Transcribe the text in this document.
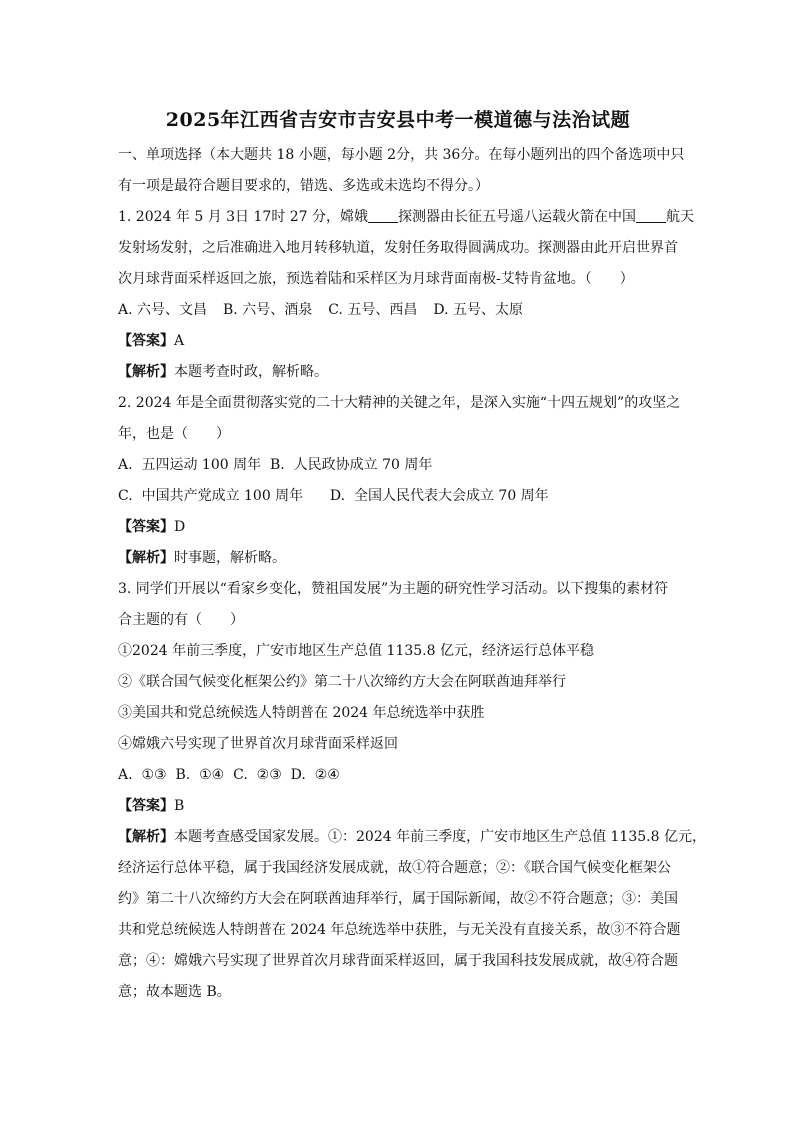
2025年江西省吉安市吉安县中考一模道德与法治试题
一、单项选择（本大题共 18 小题，每小题 2分，共 36分。在每小题列出的四个备选项中只
有一项是最符合题目要求的，错选、多选或未选均不得分。）
1. 2024 年 5 月 3日 17时 27 分，嫦娥 探测器由长征五号遥八运载火箭在中国 航天
发射场发射，之后准确进入地月转移轨道，发射任务取得圆满成功。探测器由此开启世界首
次月球背面采样返回之旅，预选着陆和采样区为月球背面南极-艾特肯盆地。（　　）
A. 六号、文昌 B. 六号、酒泉 C. 五号、西昌 D. 五号、太原
【答案】A
【解析】本题考查时政，解析略。
2. 2024 年是全面贯彻落实党的二十大精神的关键之年，是深入实施“十四五规划”的攻坚之
年，也是（　　）
A.  五四运动 100 周年  B.  人民政协成立 70 周年
C.  中国共产党成立 100 周年      D.  全国人民代表大会成立 70 周年
【答案】D
【解析】时事题，解析略。
3. 同学们开展以“看家乡变化，赞祖国发展”为主题的研究性学习活动。以下搜集的素材符
合主题的有（　　）
①2024 年前三季度，广安市地区生产总值 1135.8 亿元，经济运行总体平稳
②《联合国气候变化框架公约》第二十八次缔约方大会在阿联酋迪拜举行
③美国共和党总统候选人特朗普在 2024 年总统选举中获胜
④嫦娥六号实现了世界首次月球背面采样返回
A.  ①③  B.  ①④  C.  ②③  D.  ②④
【答案】B
【解析】本题考查感受国家发展。①：2024 年前三季度，广安市地区生产总值 1135.8 亿元，
经济运行总体平稳，属于我国经济发展成就，故①符合题意；②：《联合国气候变化框架公
约》第二十八次缔约方大会在阿联酋迪拜举行，属于国际新闻，故②不符合题意；③：美国
共和党总统候选人特朗普在 2024 年总统选举中获胜，与无关没有直接关系，故③不符合题
意；④：嫦娥六号实现了世界首次月球背面采样返回，属于我国科技发展成就，故④符合题
意；故本题选 B。
